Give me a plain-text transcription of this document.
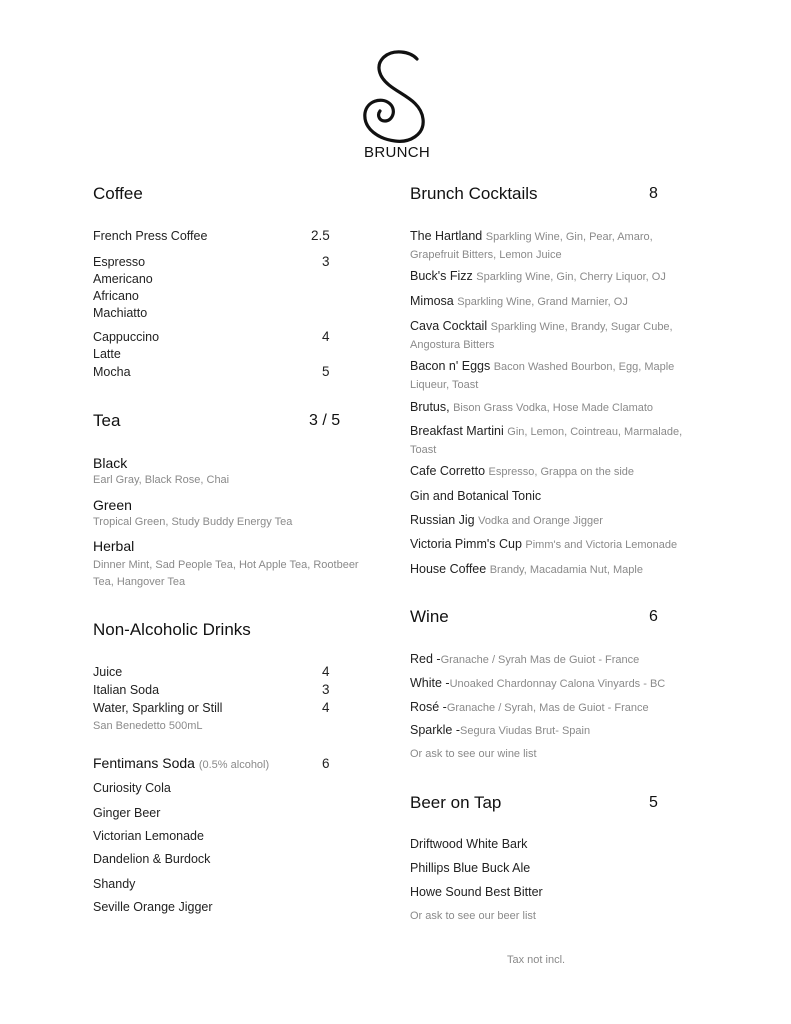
BRUNCH
Coffee
French Press Coffee	2.5
Espresso	3
Americano
Africano
Machiatto
Cappuccino	4
Latte
Mocha	5
Tea	3 / 5
Black
Earl Gray, Black Rose, Chai
Green
Tropical Green, Study Buddy Energy Tea
Herbal
Dinner Mint, Sad People Tea, Hot Apple Tea, Rootbeer Tea, Hangover Tea
Non-Alcoholic Drinks
Juice	4
Italian Soda	3
Water, Sparkling or Still	4
San Benedetto 500mL
Fentimans Soda (0.5% alcohol)	6
Curiosity Cola
Ginger Beer
Victorian Lemonade
Dandelion & Burdock
Shandy
Seville Orange Jigger
Brunch Cocktails	8
The Hartland Sparkling Wine, Gin, Pear, Amaro, Grapefruit Bitters, Lemon Juice
Buck's Fizz Sparkling Wine, Gin, Cherry Liquor, OJ
Mimosa Sparkling Wine, Grand Marnier, OJ
Cava Cocktail Sparkling Wine, Brandy, Sugar Cube, Angostura Bitters
Bacon n' Eggs Bacon Washed Bourbon, Egg, Maple Liqueur, Toast
Brutus, Bison Grass Vodka, Hose Made Clamato
Breakfast Martini Gin, Lemon, Cointreau, Marmalade, Toast
Cafe Corretto Espresso, Grappa on the side
Gin and Botanical Tonic
Russian Jig Vodka and Orange Jigger
Victoria Pimm's Cup Pimm's and Victoria Lemonade
House Coffee Brandy, Macadamia Nut, Maple
Wine	6
Red -Granache / Syrah Mas de Guiot - France
White -Unoaked Chardonnay Calona Vinyards - BC
Rosé -Granache / Syrah, Mas de Guiot - France
Sparkle -Segura Viudas Brut- Spain
Or ask to see our wine list
Beer on Tap	5
Driftwood White Bark
Phillips Blue Buck Ale
Howe Sound Best Bitter
Or ask to see our beer list
Tax not incl.
